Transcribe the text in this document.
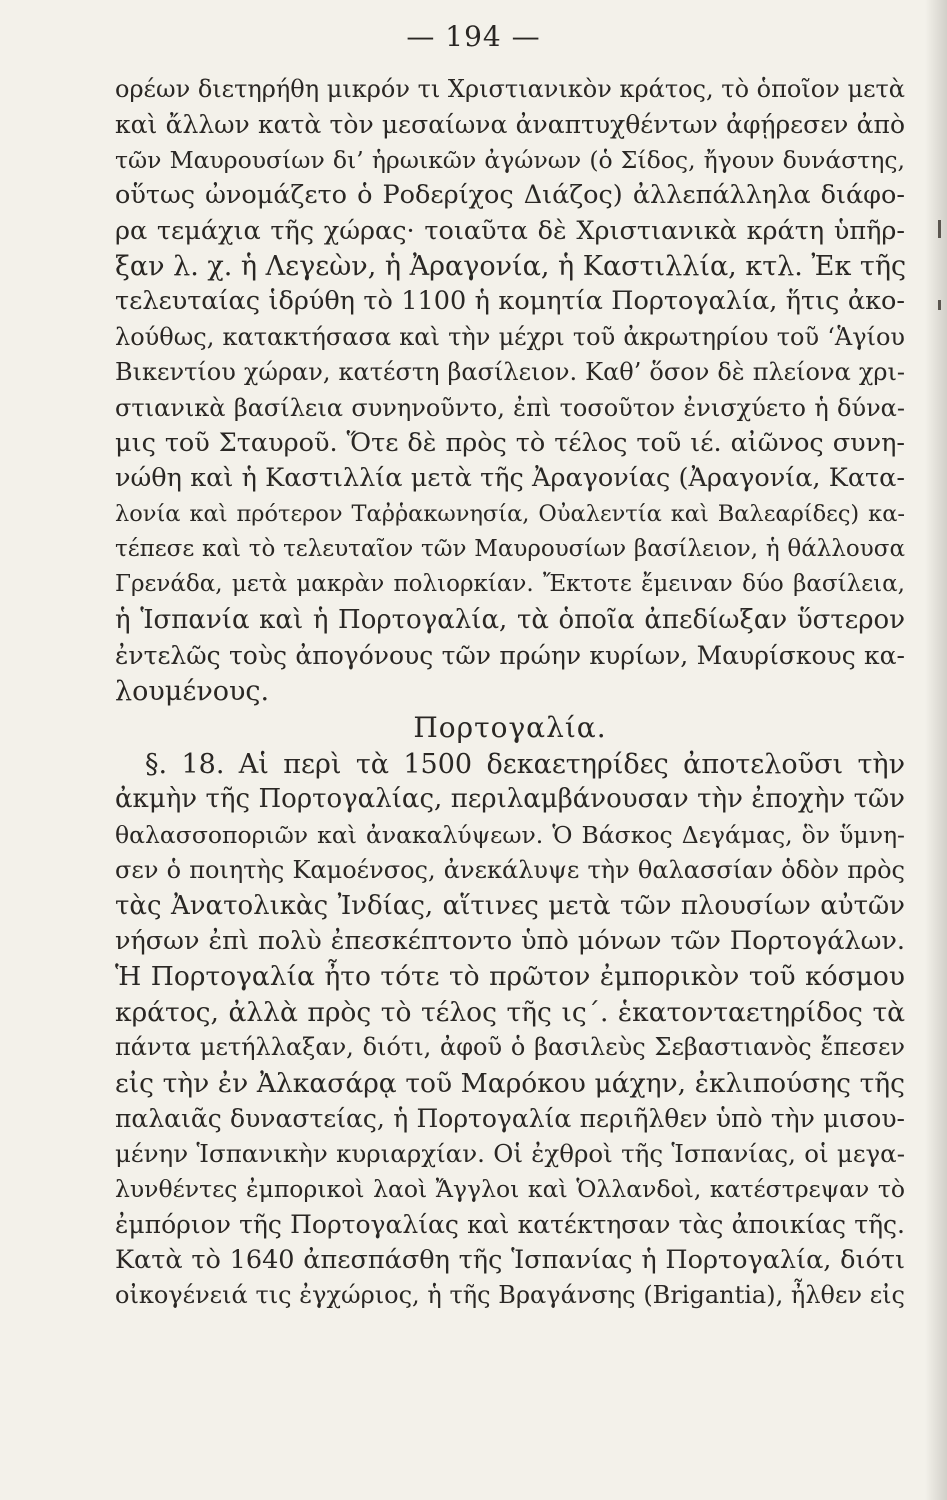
— 194 —
ορέων διετηρήθη μικρόν τι Χριστιανικὸν κράτος, τὸ ὁποῖον μετὰ
καὶ ἄλλων κατὰ τὸν μεσαίωνα ἀναπτυχθέντων ἀφῄρεσεν ἀπὸ
τῶν Μαυρουσίων δι’ ἡρωικῶν ἀγώνων (ὁ Σίδος, ἤγουν δυνάστης,
οὕτως ὠνομάζετο ὁ Ροδερίχος Διάζος) ἀλλεπάλληλα διάφο-
ρα τεμάχια τῆς χώρας· τοιαῦτα δὲ Χριστιανικὰ κράτη ὑπῆρ-
ξαν λ. χ. ἡ Λεγεὼν, ἡ Ἀραγονία, ἡ Καστιλλία, κτλ. Ἐκ τῆς
τελευταίας ἱδρύθη τὸ 1100 ἡ κομητία Πορτογαλία, ἥτις ἀκο-
λούθως, κατακτήσασα καὶ τὴν μέχρι τοῦ ἀκρωτηρίου τοῦ ‘Ἁγίου
Βικεντίου χώραν, κατέστη βασίλειον. Καθ’ ὅσον δὲ πλείονα χρι-
στιανικὰ βασίλεια συνηνοῦντο, ἐπὶ τοσοῦτον ἐνισχύετο ἡ δύνα-
μις τοῦ Σταυροῦ. Ὅτε δὲ πρὸς τὸ τέλος τοῦ ιέ. αἰῶνος συνη-
νώθη καὶ ἡ Καστιλλία μετὰ τῆς Ἀραγονίας (Ἀραγονία, Κατα-
λονία καὶ πρότερον Ταῤῥακωνησία, Οὐαλεντία καὶ Βαλεαρίδες) κα-
τέπεσε καὶ τὸ τελευταῖον τῶν Μαυρουσίων βασίλειον, ἡ θάλλουσα
Γρενάδα, μετὰ μακρὰν πολιορκίαν. Ἔκτοτε ἔμειναν δύο βασίλεια,
ἡ Ἱσπανία καὶ ἡ Πορτογαλία, τὰ ὁποῖα ἀπεδίωξαν ὕστερον
ἐντελῶς τοὺς ἀπογόνους τῶν πρώην κυρίων, Μαυρίσκους κα-
λουμένους.
Πορτογαλία.
§. 18. Αἱ περὶ τὰ 1500 δεκαετηρίδες ἀποτελοῦσι τὴν
ἀκμὴν τῆς Πορτογαλίας, περιλαμβάνουσαν τὴν ἐποχὴν τῶν
θαλασσοποριῶν καὶ ἀνακαλύψεων. Ὁ Βάσκος Δεγάμας, ὃν ὕμνη-
σεν ὁ ποιητὴς Καμοένσος, ἀνεκάλυψε τὴν θαλασσίαν ὁδὸν πρὸς
τὰς Ἀνατολικὰς Ἰνδίας, αἵτινες μετὰ τῶν πλουσίων αὐτῶν
νήσων ἐπὶ πολὺ ἐπεσκέπτοντο ὑπὸ μόνων τῶν Πορτογάλων.
Ἡ Πορτογαλία ἦτο τότε τὸ πρῶτον ἐμπορικὸν τοῦ κόσμου
κράτος, ἀλλὰ πρὸς τὸ τέλος τῆς ις΄. ἑκατονταετηρίδος τὰ
πάντα μετήλλαξαν, διότι, ἀφοῦ ὁ βασιλεὺς Σεβαστιανὸς ἔπεσεν
εἰς τὴν ἐν Ἀλκασάρᾳ τοῦ Μαρόκου μάχην, ἐκλιπούσης τῆς
παλαιᾶς δυναστείας, ἡ Πορτογαλία περιῆλθεν ὑπὸ τὴν μισου-
μένην Ἱσπανικὴν κυριαρχίαν. Οἱ ἐχθροὶ τῆς Ἱσπανίας, οἱ μεγα-
λυνθέντες ἐμπορικοὶ λαοὶ Ἄγγλοι καὶ Ὁλλανδοὶ, κατέστρεψαν τὸ
ἐμπόριον τῆς Πορτογαλίας καὶ κατέκτησαν τὰς ἀποικίας τῆς.
Κατὰ τὸ 1640 ἀπεσπάσθη τῆς Ἱσπανίας ἡ Πορτογαλία, διότι
οἰκογένειά τις ἐγχώριος, ἡ τῆς Βραγάνσης (Brigantia), ἦλθεν εἰς
